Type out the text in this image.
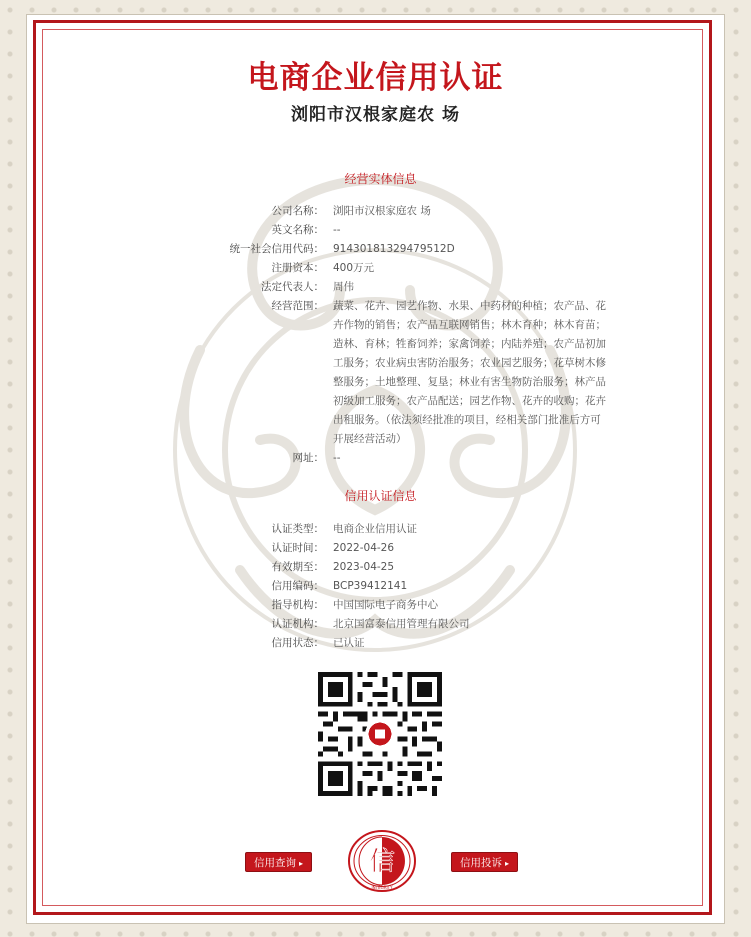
电商企业信用认证
浏阳市汉根家庭农 场
经营实体信息
公司名称： 浏阳市汉根家庭农 场
英文名称： --
统一社会信用代码： 91430181329479512D
注册资本： 400万元
法定代表人： 周伟
经营范围： 蔬菜、花卉、园艺作物、水果、中药材的种植；农产品、花
卉作物的销售；农产品互联网销售；林木育种；林木育苗；
造林、育林；牲畜饲养；家禽饲养；内陆养殖；农产品初加
工服务；农业病虫害防治服务；农业园艺服务；花草树木修
整服务；土地整理、复垦；林业有害生物防治服务；林产品
初级加工服务；农产品配送；园艺作物、花卉的收购；花卉
出租服务。（依法须经批准的项目，经相关部门批准后方可
开展经营活动）
网址： --
信用认证信息
认证类型： 电商企业信用认证
认证时间： 2022-04-26
有效期至： 2023-04-25
信用编码： BCP39412141
指导机构： 中国国际电子商务中心
认证机构： 北京国富泰信用管理有限公司
信用状态： 已认证
信用查询 ▸	信
INTEGRITY
信用投诉 ▸
